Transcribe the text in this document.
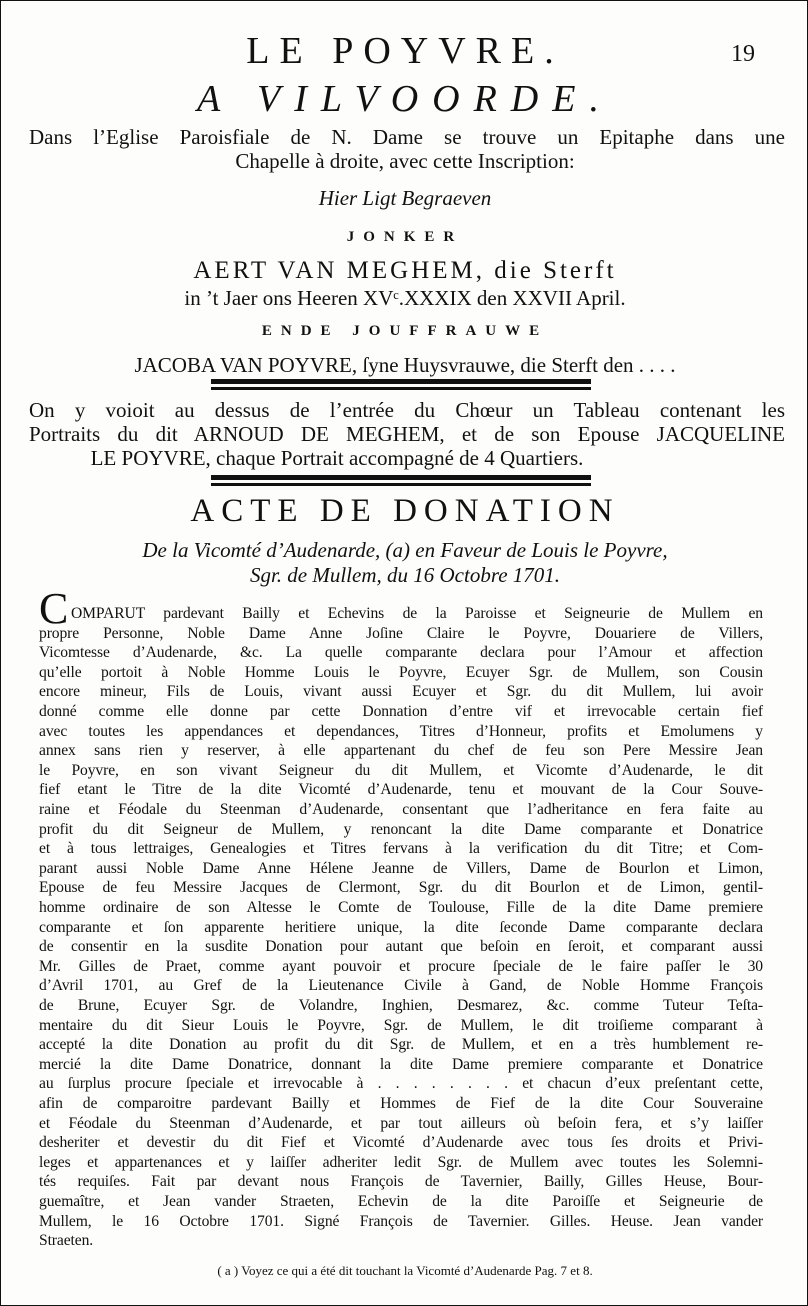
19
LE POYVRE.
A VILVOORDE.
Dans l’Eglise Paroisfiale de N. Dame se trouve un Epitaphe dans une
Chapelle à droite, avec cette Inscription:
Hier Ligt Begraeven
JONKER
AERT VAN MEGHEM, die Sterft
in ’t Jaer ons Heeren XVᶜ.XXXIX den XXVII April.
ENDE JOUFFRAUWE
JACOBA VAN POYVRE, ſyne Huysvrauwe, die Sterft den . . . .
On y voioit au dessus de l’entrée du Chœur un Tableau contenant les
Portraits du dit ARNOUD DE MEGHEM, et de son Epouse JACQUELINE
LE POYVRE, chaque Portrait accompagné de 4 Quartiers.
ACTE DE DONATION
De la Vicomté d’Audenarde, (a) en Faveur de Louis le Poyvre,
Sgr. de Mullem, du 16 Octobre 1701.
C OMPARUT pardevant Bailly et Echevins de la Paroisse et Seigneurie de Mullem en
propre Personne, Noble Dame Anne Joſine Claire le Poyvre, Douariere de Villers,
Vicomtesse d’Audenarde, &c. La quelle comparante declara pour l’Amour et affection
qu’elle portoit à Noble Homme Louis le Poyvre, Ecuyer Sgr. de Mullem, son Cousin
encore mineur, Fils de Louis, vivant aussi Ecuyer et Sgr. du dit Mullem, lui avoir
donné comme elle donne par cette Donnation d’entre vif et irrevocable certain fief
avec toutes les appendances et dependances, Titres d’Honneur, profits et Emolumens y
annex sans rien y reserver, à elle appartenant du chef de feu son Pere Messire Jean
le Poyvre, en son vivant Seigneur du dit Mullem, et Vicomte d’Audenarde, le dit
fief etant le Titre de la dite Vicomté d’Audenarde, tenu et mouvant de la Cour Souve-
raine et Féodale du Steenman d’Audenarde, consentant que l’adheritance en fera faite au
profit du dit Seigneur de Mullem, y renoncant la dite Dame comparante et Donatrice
et à tous lettraiges, Genealogies et Titres fervans à la verification du dit Titre; et Com-
parant aussi Noble Dame Anne Hélene Jeanne de Villers, Dame de Bourlon et Limon,
Epouse de feu Messire Jacques de Clermont, Sgr. du dit Bourlon et de Limon, gentil-
homme ordinaire de son Altesse le Comte de Toulouse, Fille de la dite Dame premiere
comparante et ſon apparente heritiere unique, la dite ſeconde Dame comparante declara
de consentir en la susdite Donation pour autant que beſoin en ſeroit, et comparant aussi
Mr. Gilles de Praet, comme ayant pouvoir et procure ſpeciale de le faire paſſer le 30
d’Avril 1701, au Gref de la Lieutenance Civile à Gand, de Noble Homme François
de Brune, Ecuyer Sgr. de Volandre, Inghien, Desmarez, &c. comme Tuteur Teſta-
mentaire du dit Sieur Louis le Poyvre, Sgr. de Mullem, le dit troiſieme comparant à
accepté la dite Donation au profit du dit Sgr. de Mullem, et en a très humblement re-
mercié la dite Dame Donatrice, donnant la dite Dame premiere comparante et Donatrice
au ſurplus procure ſpeciale et irrevocable à . . . . . . . . et chacun d’eux preſentant cette,
afin de comparoitre pardevant Bailly et Hommes de Fief de la dite Cour Souveraine
et Féodale du Steenman d’Audenarde, et par tout ailleurs où beſoin fera, et s’y laiſſer
desheriter et devestir du dit Fief et Vicomté d’Audenarde avec tous ſes droits et Privi-
leges et appartenances et y laiſſer adheriter ledit Sgr. de Mullem avec toutes les Solemni-
tés requiſes. Fait par devant nous François de Tavernier, Bailly, Gilles Heuse, Bour-
guemaître, et Jean vander Straeten, Echevin de la dite Paroiſſe et Seigneurie de
Mullem, le 16 Octobre 1701. Signé François de Tavernier. Gilles. Heuse. Jean vander
Straeten.
( a ) Voyez ce qui a été dit touchant la Vicomté d’Audenarde Pag. 7 et 8.
